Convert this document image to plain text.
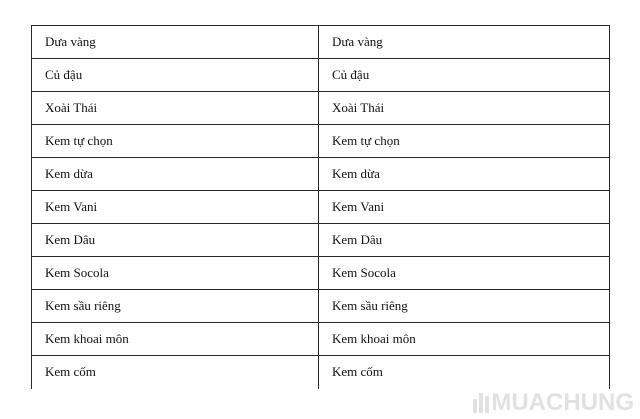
Dưa vàng	Dưa vàng
Củ đậu	Củ đậu
Xoài Thái	Xoài Thái
Kem tự chọn	Kem tự chọn
Kem dừa	Kem dừa
Kem Vani	Kem Vani
Kem Dâu	Kem Dâu
Kem Socola	Kem Socola
Kem sầu riêng	Kem sầu riêng
Kem khoai môn	Kem khoai môn
Kem cốm	Kem cốm
MUACHUNG
